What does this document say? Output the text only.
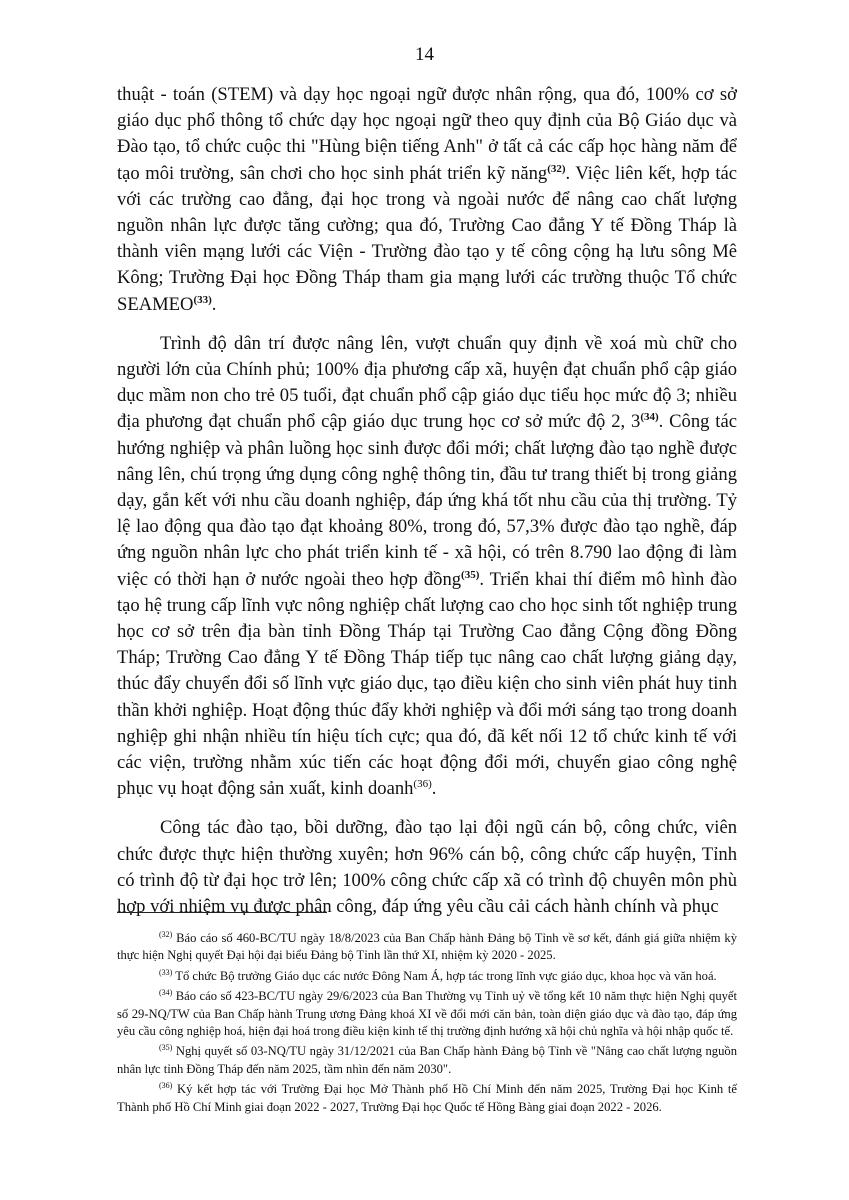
14

thuật - toán (STEM) và dạy học ngoại ngữ được nhân rộng, qua đó, 100% cơ sở giáo dục phổ thông tổ chức dạy học ngoại ngữ theo quy định của Bộ Giáo dục và Đào tạo, tổ chức cuộc thi "Hùng biện tiếng Anh" ở tất cả các cấp học hàng năm để tạo môi trường, sân chơi cho học sinh phát triển kỹ năng$^{(32)}$. Việc liên kết, hợp tác với các trường cao đẳng, đại học trong và ngoài nước để nâng cao chất lượng nguồn nhân lực được tăng cường; qua đó, Trường Cao đẳng Y tế Đồng Tháp là thành viên mạng lưới các Viện - Trường đào tạo y tế công cộng hạ lưu sông Mê Kông; Trường Đại học Đồng Tháp tham gia mạng lưới các trường thuộc Tổ chức SEAMEO$^{(33)}$.

Trình độ dân trí được nâng lên, vượt chuẩn quy định về xoá mù chữ cho người lớn của Chính phủ; 100% địa phương cấp xã, huyện đạt chuẩn phổ cập giáo dục mầm non cho trẻ 05 tuổi, đạt chuẩn phổ cập giáo dục tiểu học mức độ 3; nhiều địa phương đạt chuẩn phổ cập giáo dục trung học cơ sở mức độ 2, 3$^{(34)}$. Công tác hướng nghiệp và phân luồng học sinh được đổi mới; chất lượng đào tạo nghề được nâng lên, chú trọng ứng dụng công nghệ thông tin, đầu tư trang thiết bị trong giảng dạy, gắn kết với nhu cầu doanh nghiệp, đáp ứng khá tốt nhu cầu của thị trường. Tỷ lệ lao động qua đào tạo đạt khoảng 80%, trong đó, 57,3% được đào tạo nghề, đáp ứng nguồn nhân lực cho phát triển kinh tế - xã hội, có trên 8.790 lao động đi làm việc có thời hạn ở nước ngoài theo hợp đồng$^{(35)}$. Triển khai thí điểm mô hình đào tạo hệ trung cấp lĩnh vực nông nghiệp chất lượng cao cho học sinh tốt nghiệp trung học cơ sở trên địa bàn tỉnh Đồng Tháp tại Trường Cao đẳng Cộng đồng Đồng Tháp; Trường Cao đẳng Y tế Đồng Tháp tiếp tục nâng cao chất lượng giảng dạy, thúc đẩy chuyển đổi số lĩnh vực giáo dục, tạo điều kiện cho sinh viên phát huy tinh thần khởi nghiệp. Hoạt động thúc đẩy khởi nghiệp và đổi mới sáng tạo trong doanh nghiệp ghi nhận nhiều tín hiệu tích cực; qua đó, đã kết nối 12 tổ chức kinh tế với các viện, trường nhằm xúc tiến các hoạt động đổi mới, chuyển giao công nghệ phục vụ hoạt động sản xuất, kinh doanh$^{(36)}$.

Công tác đào tạo, bồi dưỡng, đào tạo lại đội ngũ cán bộ, công chức, viên chức được thực hiện thường xuyên; hơn 96% cán bộ, công chức cấp huyện, Tỉnh có trình độ từ đại học trở lên; 100% công chức cấp xã có trình độ chuyên môn phù hợp với nhiệm vụ được phân công, đáp ứng yêu cầu cải cách hành chính và phục

$^{(32)}$ Báo cáo số 460-BC/TU ngày 18/8/2023 của Ban Chấp hành Đảng bộ Tỉnh về sơ kết, đánh giá giữa nhiệm kỳ thực hiện Nghị quyết Đại hội đại biểu Đảng bộ Tỉnh lần thứ XI, nhiệm kỳ 2020 - 2025.

$^{(33)}$ Tổ chức Bộ trưởng Giáo dục các nước Đông Nam Á, hợp tác trong lĩnh vực giáo dục, khoa học và văn hoá.

$^{(34)}$ Báo cáo số 423-BC/TU ngày 29/6/2023 của Ban Thường vụ Tỉnh uỷ về tổng kết 10 năm thực hiện Nghị quyết số 29-NQ/TW của Ban Chấp hành Trung ương Đảng khoá XI về đổi mới căn bản, toàn diện giáo dục và đào tạo, đáp ứng yêu cầu công nghiệp hoá, hiện đại hoá trong điều kiện kinh tế thị trường định hướng xã hội chủ nghĩa và hội nhập quốc tế.

$^{(35)}$ Nghị quyết số 03-NQ/TU ngày 31/12/2021 của Ban Chấp hành Đảng bộ Tỉnh về "Nâng cao chất lượng nguồn nhân lực tỉnh Đồng Tháp đến năm 2025, tầm nhìn đến năm 2030".

$^{(36)}$ Ký kết hợp tác với Trường Đại học Mở Thành phố Hồ Chí Minh đến năm 2025, Trường Đại học Kinh tế Thành phố Hồ Chí Minh giai đoạn 2022 - 2027, Trường Đại học Quốc tế Hồng Bàng giai đoạn 2022 - 2026.
